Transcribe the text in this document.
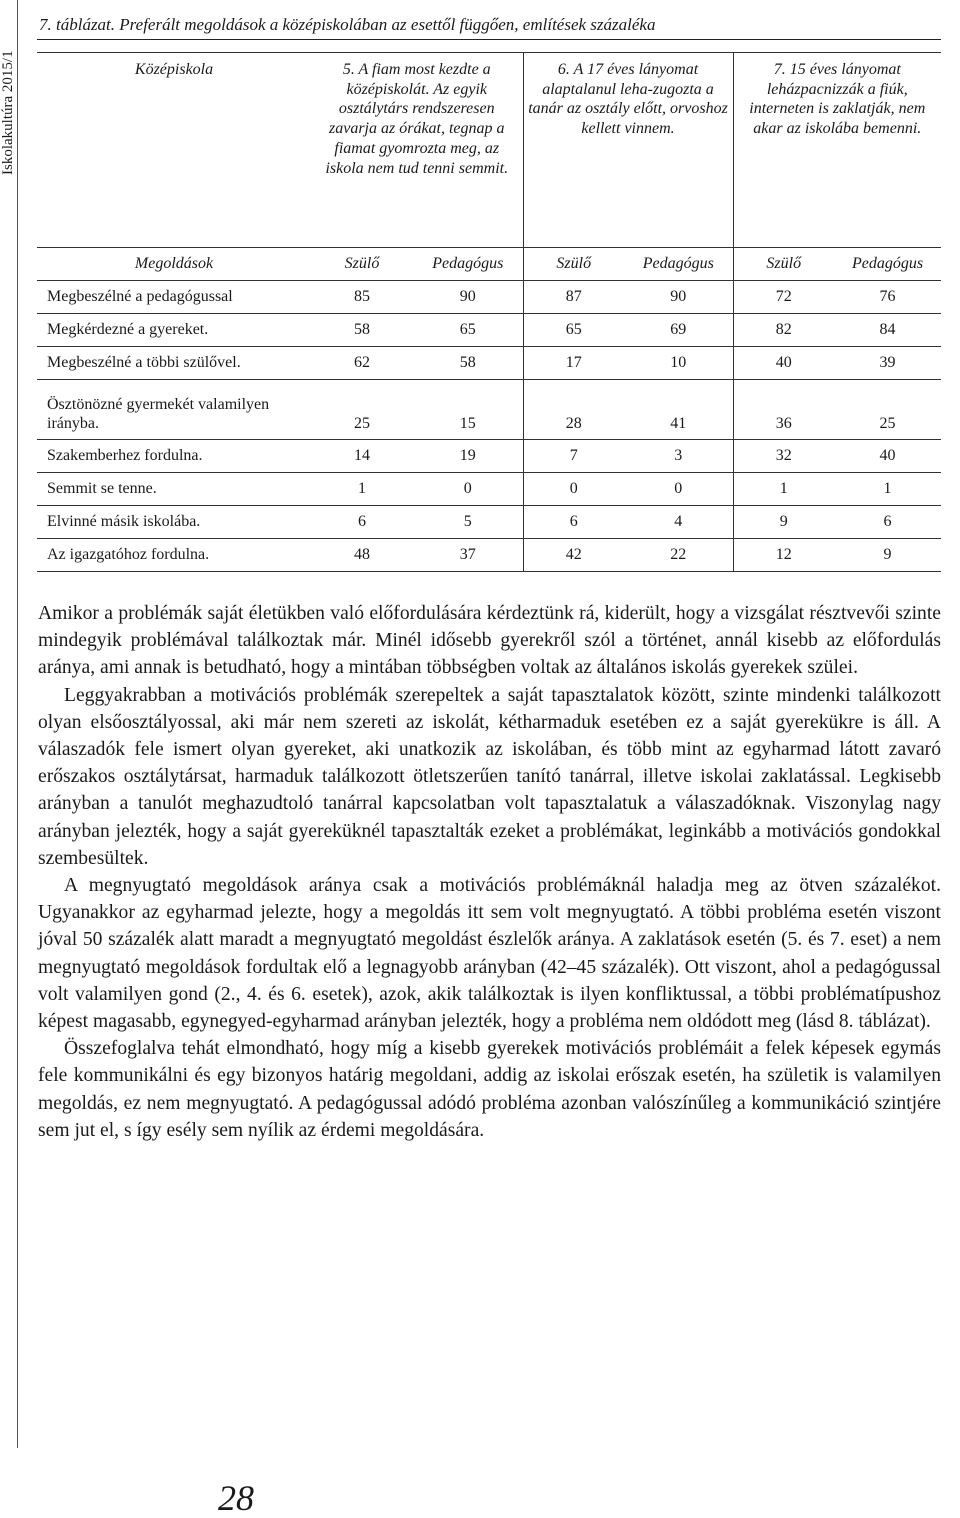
Iskolakultúra 2015/1
7. táblázat. Preferált megoldások a középiskolában az esettől függően, említések százaléka
Középiskola	5. A fiam most kezdte a középiskolát. Az egyik osztálytárs rendszeresen zavarja az órákat, tegnap a fiamat gyomrozta meg, az iskola nem tud tenni semmit.		6. A 17 éves lányomat alaptalanul leha-zugozta a tanár az osztály előtt, orvoshoz kellett vinnem.		7. 15 éves lányomat leházpacnizzák a fiúk, interneten is zaklatják, nem akar az iskolába bemenni.	
Megoldások	Szülő	Pedagógus	Szülő	Pedagógus	Szülő	Pedagógus
Megbeszélné a pedagógussal	85	90	87	90	72	76
Megkérdezné a gyereket.	58	65	65	69	82	84
Megbeszélné a többi szülővel.	62	58	17	10	40	39
Ösztönözné gyermekét valamilyen irányba.	25	15	28	41	36	25
Szakemberhez fordulna.	14	19	7	3	32	40
Semmit se tenne.	1	0	0	0	1	1
Elvinné másik iskolába.	6	5	6	4	9	6
Az igazgatóhoz fordulna.	48	37	42	22	12	9

Amikor a problémák saját életükben való előfordulására kérdeztünk rá, kiderült, hogy a vizsgálat résztvevői szinte mindegyik problémával találkoztak már. Minél idősebb gyerekről szól a történet, annál kisebb az előfordulás aránya, ami annak is betudható, hogy a mintában többségben voltak az általános iskolás gyerekek szülei.

Leggyakrabban a motivációs problémák szerepeltek a saját tapasztalatok között, szinte mindenki találkozott olyan elsőosztályossal, aki már nem szereti az iskolát, kétharmaduk esetében ez a saját gyerekükre is áll. A válaszadók fele ismert olyan gyereket, aki unatkozik az iskolában, és több mint az egyharmad látott zavaró erőszakos osztálytársat, harmaduk találkozott ötletszerűen tanító tanárral, illetve iskolai zaklatással. Legkisebb arányban a tanulót meghazudtoló tanárral kapcsolatban volt tapasztalatuk a válaszadóknak. Viszonylag nagy arányban jelezték, hogy a saját gyereküknél tapasztalták ezeket a problémákat, leginkább a motivációs gondokkal szembesültek.

A megnyugtató megoldások aránya csak a motivációs problémáknál haladja meg az ötven százalékot. Ugyanakkor az egyharmad jelezte, hogy a megoldás itt sem volt megnyugtató. A többi probléma esetén viszont jóval 50 százalék alatt maradt a megnyugtató megoldást észlelők aránya. A zaklatások esetén (5. és 7. eset) a nem megnyugtató megoldások fordultak elő a legnagyobb arányban (42‒45 százalék). Ott viszont, ahol a pedagógussal volt valamilyen gond (2., 4. és 6. esetek), azok, akik találkoztak is ilyen konfliktussal, a többi problématípushoz képest magasabb, egynegyed-egyharmad arányban jelezték, hogy a probléma nem oldódott meg (lásd 8. táblázat).

Összefoglalva tehát elmondható, hogy míg a kisebb gyerekek motivációs problémáit a felek képesek egymás fele kommunikálni és egy bizonyos határig megoldani, addig az iskolai erőszak esetén, ha születik is valamilyen megoldás, ez nem megnyugtató. A pedagógussal adódó probléma azonban valószínűleg a kommunikáció szintjére sem jut el, s így esély sem nyílik az érdemi megoldására.

28
